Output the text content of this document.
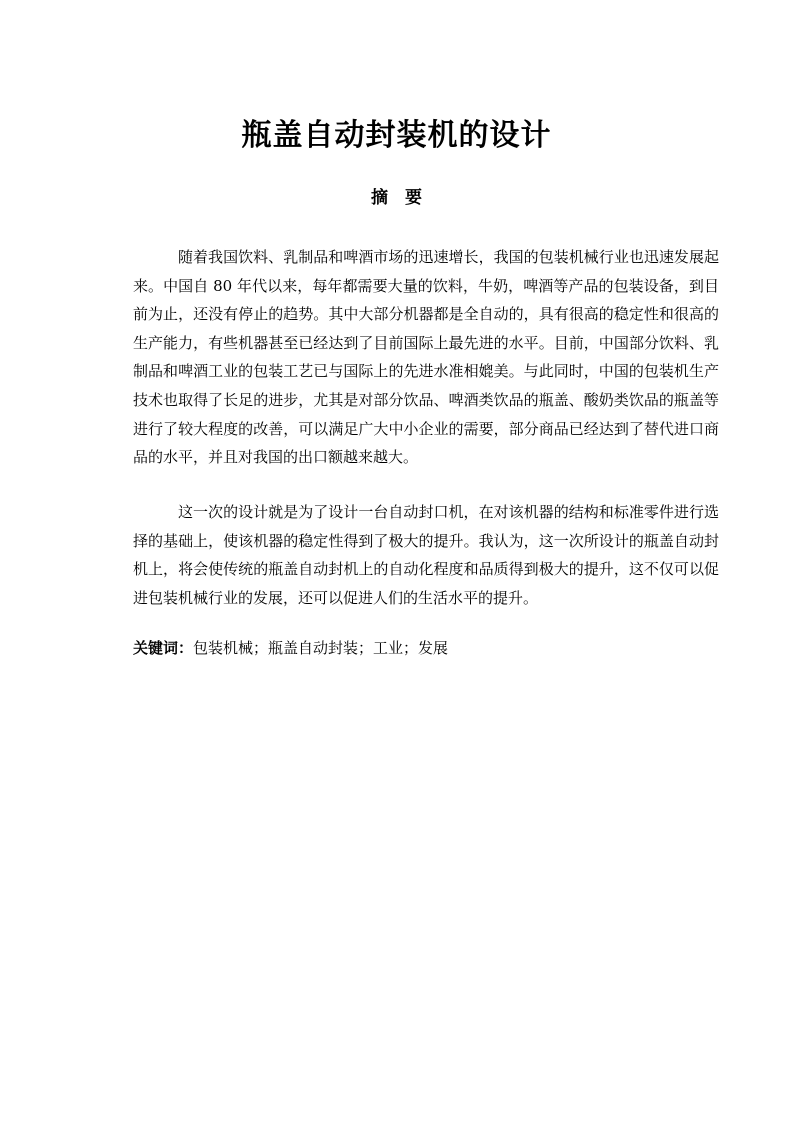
瓶盖自动封装机的设计
摘　要

随着我国饮料、乳制品和啤酒市场的迅速增长，我国的包装机械行业也迅速发展起来。中国自 80 年代以来，每年都需要大量的饮料，牛奶，啤酒等产品的包装设备，到目前为止，还没有停止的趋势。其中大部分机器都是全自动的，具有很高的稳定性和很高的生产能力，有些机器甚至已经达到了目前国际上最先进的水平。目前，中国部分饮料、乳制品和啤酒工业的包装工艺已与国际上的先进水准相媲美。与此同时，中国的包装机生产技术也取得了长足的进步，尤其是对部分饮品、啤酒类饮品的瓶盖、酸奶类饮品的瓶盖等进行了较大程度的改善，可以满足广大中小企业的需要，部分商品已经达到了替代进口商品的水平，并且对我国的出口额越来越大。

这一次的设计就是为了设计一台自动封口机，在对该机器的结构和标准零件进行选择的基础上，使该机器的稳定性得到了极大的提升。我认为，这一次所设计的瓶盖自动封机上，将会使传统的瓶盖自动封机上的自动化程度和品质得到极大的提升，这不仅可以促进包装机械行业的发展，还可以促进人们的生活水平的提升。

关键词：包装机械；瓶盖自动封装；工业；发展
